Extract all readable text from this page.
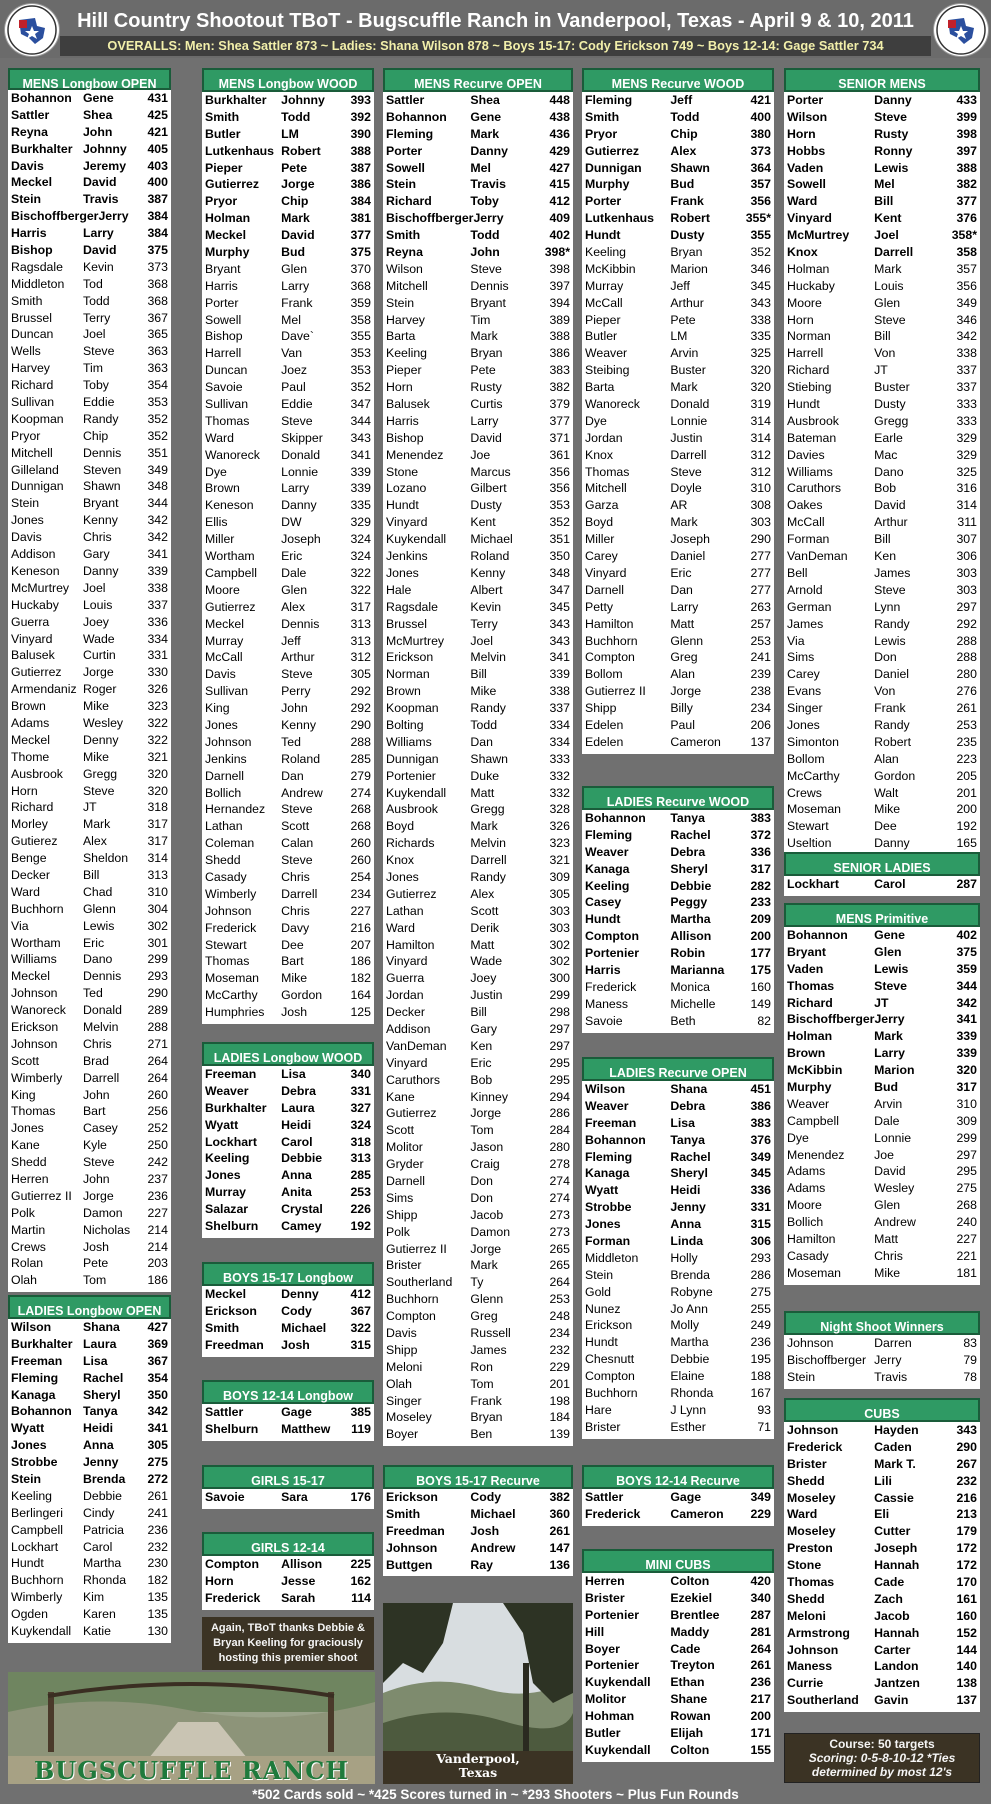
Hill Country Shootout TBoT - Bugscuffle Ranch in Vanderpool, Texas - April 9 & 10, 2011
OVERALLS: Men: Shea Sattler 873 ~ Ladies: Shana Wilson 878 ~ Boys 15-17: Cody Erickson 749 ~ Boys 12-14: Gage Sattler 734
MENS Longbow OPEN
Bohannon Gene	431
Sattler	Shea	425
Reyna	John	421
Burkhalter Johnny	405
Davis	Jeremy	403
Meckel	David	400
Stein	Travis	387
Bischoffberger Jerry	384
Harris	Larry	384
Bishop	David	375
Ragsdale	Kevin	373
Middleton	Tod	368
Smith	Todd	368
Brussel	Terry	367
Duncan	Joel	365
Wells	Steve	363
Harvey	Tim	363
Richard	Toby	354
Sullivan	Eddie	353
Koopman	Randy	352
Pryor	Chip	352
Mitchell	Dennis	351
Gilleland	Steven	349
Dunnigan	Shawn	348
Stein	Bryant	344
Jones	Kenny	342
Davis	Chris	342
Addison	Gary	341
Keneson	Danny	339
McMurtrey	Joel	338
Huckaby	Louis	337
Guerra	Joey	336
Vinyard	Wade	334
Balusek	Curtin	331
Gutierrez	Jorge	330
Armendaniz Roger	326
Brown	Mike	323
Adams	Wesley	322
Meckel	Denny	322
Thome	Mike	321
Ausbrook	Gregg	320
Horn	Steve	320
Richard	JT	318
Morley	Mark	317
Gutierez	Alex	317
Benge	Sheldon	314
Decker	Bill	313
Ward	Chad	310
Buchhorn	Glenn	304
Via	Lewis	302
Wortham	Eric	301
Williams	Dano	299
Meckel	Dennis	293
Johnson	Ted	290
Wanoreck	Donald	289
Erickson	Melvin	288
Johnson	Chris	271
Scott	Brad	264
Wimberly	Darrell	264
King	John	260
Thomas	Bart	256
Jones	Casey	252
Kane	Kyle	250
Shedd	Steve	242
Herren	John	237
Gutierrez II Jorge	236
Polk	Damon	227
Martin	Nicholas	214
Crews	Josh	214
Rolan	Pete	203
Olah	Tom	186
LADIES Longbow OPEN
Wilson	Shana	427
Burkhalter Laura	369
Freeman	Lisa	367
Fleming	Rachel	354
Kanaga	Sheryl	350
Bohannon Tanya	342
Wyatt	Heidi	341
Jones	Anna	305
Strobbe	Jenny	275
Stein	Brenda	272
Keeling	Debbie	261
Berlingeri	Cindy	241
Campbell	Patricia	236
Lockhart	Carol	232
Hundt	Martha	230
Buchhorn	Rhonda	182
Wimberly	Kim	135
Ogden	Karen	135
Kuykendall Katie	130
MENS Longbow WOOD
Burkhalter	Johnny	393
Smith	Todd	392
Butler	LM	390
Lutkenhaus Robert	388
Pieper	Pete	387
Gutierrez	Jorge	386
Pryor	Chip	384
Holman	Mark	381
Meckel	David	377
Murphy	Bud	375
Bryant	Glen	370
Harris	Larry	368
Porter	Frank	359
Sowell	Mel	358
Bishop	Dave`	355
Harrell	Van	353
Duncan	Joez	353
Savoie	Paul	352
Sullivan	Eddie	347
Thomas	Steve	344
Ward	Skipper	343
Wanoreck	Donald	341
Dye	Lonnie	339
Brown	Larry	339
Keneson	Danny	335
Ellis	DW	329
Miller	Joseph	324
Wortham	Eric	324
Campbell	Dale	322
Moore	Glen	322
Gutierrez	Alex	317
Meckel	Dennis	313
Murray	Jeff	313
McCall	Arthur	312
Davis	Steve	305
Sullivan	Perry	292
King	John	292
Jones	Kenny	290
Johnson	Ted	288
Jenkins	Roland	285
Darnell	Dan	279
Bollich	Andrew	274
Hernandez	Steve	268
Lathan	Scott	268
Coleman	Calan	260
Shedd	Steve	260
Casady	Chris	254
Wimberly	Darrell	234
Johnson	Chris	227
Frederick	Davy	216
Stewart	Dee	207
Thomas	Bart	186
Moseman	Mike	182
McCarthy	Gordon	164
Humphries	Josh	125
LADIES Longbow WOOD
Freeman	Lisa	340
Weaver	Debra	331
Burkhalter	Laura	327
Wyatt	Heidi	324
Lockhart	Carol	318
Keeling	Debbie	313
Jones	Anna	285
Murray	Anita	253
Salazar	Crystal	226
Shelburn	Camey	192
BOYS 15-17 Longbow
Meckel	Denny	412
Erickson	Cody	367
Smith	Michael	322
Freedman	Josh	315
BOYS 12-14 Longbow
Sattler	Gage	385
Shelburn	Matthew	119
GIRLS 15-17
Savoie	Sara	176
GIRLS 12-14
Compton	Allison	225
Horn	Jesse	162
Frederick	Sarah	114
MENS Recurve OPEN
Sattler	Shea	448
Bohannon	Gene	438
Fleming	Mark	436
Porter	Danny	429
Sowell	Mel	427
Stein	Travis	415
Richard	Toby	412
Bischoffberger Jerry	409
Smith	Todd	402
Reyna	John	398*
Wilson	Steve	398
Mitchell	Dennis	397
Stein	Bryant	394
Harvey	Tim	389
Barta	Mark	388
Keeling	Bryan	386
Pieper	Pete	383
Horn	Rusty	382
Balusek	Curtis	379
Harris	Larry	377
Bishop	David	371
Menendez	Joe	361
Stone	Marcus	356
Lozano	Gilbert	356
Hundt	Dusty	353
Vinyard	Kent	352
Kuykendall	Michael	351
Jenkins	Roland	350
Jones	Kenny	348
Hale	Albert	347
Ragsdale	Kevin	345
Brussel	Terry	343
McMurtrey	Joel	343
Erickson	Melvin	341
Norman	Bill	339
Brown	Mike	338
Koopman	Randy	337
Bolting	Todd	334
Williams	Dan	334
Dunnigan	Shawn	333
Portenier	Duke	332
Kuykendall	Matt	332
Ausbrook	Gregg	328
Boyd	Mark	326
Richards	Melvin	323
Knox	Darrell	321
Jones	Randy	309
Gutierrez	Alex	305
Lathan	Scott	303
Ward	Derik	303
Hamilton	Matt	302
Vinyard	Wade	302
Guerra	Joey	300
Jordan	Justin	299
Decker	Bill	298
Addison	Gary	297
VanDeman	Ken	297
Vinyard	Eric	295
Caruthors	Bob	295
Kane	Kinney	294
Gutierrez	Jorge	286
Scott	Tom	284
Molitor	Jason	280
Gryder	Craig	278
Darnell	Don	274
Sims	Don	274
Shipp	Jacob	273
Polk	Damon	273
Gutierrez II	Jorge	265
Brister	Mark	265
Southerland	Ty	264
Buchhorn	Glenn	253
Compton	Greg	248
Davis	Russell	234
Shipp	James	232
Meloni	Ron	229
Olah	Tom	201
Singer	Frank	198
Moseley	Bryan	184
Boyer	Ben	139
BOYS 15-17 Recurve
Erickson	Cody	382
Smith	Michael	360
Freedman	Josh	261
Johnson	Andrew	147
Buttgen	Ray	136
MENS Recurve WOOD
Fleming	Jeff	421
Smith	Todd	400
Pryor	Chip	380
Gutierrez	Alex	373
Dunnigan	Shawn	364
Murphy	Bud	357
Porter	Frank	356
Lutkenhaus	Robert	355*
Hundt	Dusty	355
Keeling	Bryan	352
McKibbin	Marion	346
Murray	Jeff	345
McCall	Arthur	343
Pieper	Pete	338
Butler	LM	335
Weaver	Arvin	325
Steibing	Buster	320
Barta	Mark	320
Wanoreck	Donald	319
Dye	Lonnie	314
Jordan	Justin	314
Knox	Darrell	312
Thomas	Steve	312
Mitchell	Doyle	310
Garza	AR	308
Boyd	Mark	303
Miller	Joseph	290
Carey	Daniel	277
Vinyard	Eric	277
Darnell	Dan	277
Petty	Larry	263
Hamilton	Matt	257
Buchhorn	Glenn	253
Compton	Greg	241
Bollom	Alan	239
Gutierrez II	Jorge	238
Shipp	Billy	234
Edelen	Paul	206
Edelen	Cameron	137
LADIES Recurve WOOD
Bohannon	Tanya	383
Fleming	Rachel	372
Weaver	Debra	336
Kanaga	Sheryl	317
Keeling	Debbie	282
Casey	Peggy	233
Hundt	Martha	209
Compton	Allison	200
Portenier	Robin	177
Harris	Marianna	175
Frederick	Monica	160
Maness	Michelle	149
Savoie	Beth	82
LADIES Recurve OPEN
Wilson	Shana	451
Weaver	Debra	386
Freeman	Lisa	383
Bohannon	Tanya	376
Fleming	Rachel	349
Kanaga	Sheryl	345
Wyatt	Heidi	336
Strobbe	Jenny	331
Jones	Anna	315
Forman	Linda	306
Middleton	Holly	293
Stein	Brenda	286
Gold	Robyne	275
Nunez	Jo Ann	255
Erickson	Molly	249
Hundt	Martha	236
Chesnutt	Debbie	195
Compton	Elaine	188
Buchhorn	Rhonda	167
Hare	J Lynn	93
Brister	Esther	71
BOYS 12-14 Recurve
Sattler	Gage	349
Frederick	Cameron	229
MINI CUBS
Herren	Colton	420
Brister	Ezekiel	340
Portenier	Brentlee	287
Hill	Maddy	281
Boyer	Cade	264
Portenier	Treyton	261
Kuykendall	Ethan	236
Molitor	Shane	217
Hohman	Rowan	200
Butler	Elijah	171
Kuykendall	Colton	155
SENIOR MENS
Porter	Danny	433
Wilson	Steve	399
Horn	Rusty	398
Hobbs	Ronny	397
Vaden	Lewis	388
Sowell	Mel	382
Ward	Bill	377
Vinyard	Kent	376
McMurtrey	Joel	358*
Knox	Darrell	358
Holman	Mark	357
Huckaby	Louis	356
Moore	Glen	349
Horn	Steve	346
Norman	Bill	342
Harrell	Von	338
Richard	JT	337
Stiebing	Buster	337
Hundt	Dusty	333
Ausbrook	Gregg	333
Bateman	Earle	329
Davies	Mac	329
Williams	Dano	325
Caruthors	Bob	316
Oakes	David	314
McCall	Arthur	311
Forman	Bill	307
VanDeman	Ken	306
Bell	James	303
Arnold	Steve	303
German	Lynn	297
James	Randy	292
Via	Lewis	288
Sims	Don	288
Carey	Daniel	280
Evans	Von	276
Singer	Frank	261
Jones	Randy	253
Simonton	Robert	235
Bollom	Alan	223
McCarthy	Gordon	205
Crews	Walt	201
Moseman	Mike	200
Stewart	Dee	192
Useltion	Danny	165
SENIOR LADIES
Lockhart	Carol	287
MENS Primitive
Bohannon	Gene	402
Bryant	Glen	375
Vaden	Lewis	359
Thomas	Steve	344
Richard	JT	342
Bischoffberger Jerry	341
Holman	Mark	339
Brown	Larry	339
McKibbin	Marion	320
Murphy	Bud	317
Weaver	Arvin	310
Campbell	Dale	309
Dye	Lonnie	299
Menendez	Joe	297
Adams	David	295
Adams	Wesley	275
Moore	Glen	268
Bollich	Andrew	240
Hamilton	Matt	227
Casady	Chris	221
Moseman	Mike	181
Night Shoot Winners
Johnson	Darren	83
Bischoffberger Jerry	79
Stein	Travis	78
CUBS
Johnson	Hayden	343
Frederick	Caden	290
Brister	Mark T.	267
Shedd	Lili	232
Moseley	Cassie	216
Ward	Eli	213
Moseley	Cutter	179
Preston	Joseph	172
Stone	Hannah	172
Thomas	Cade	170
Shedd	Zach	161
Meloni	Jacob	160
Armstrong	Hannah	152
Johnson	Carter	144
Maness	Landon	140
Currie	Jantzen	138
Southerland	Gavin	137
Again, TBoT thanks Debbie &
Bryan Keeling for graciously
hosting this premier shoot
BUGSCUFFLE RANCH	Vanderpool,
Texas
Course: 50 targets
Scoring: 0-5-8-10-12 *Ties
determined by most 12's
*502 Cards sold ~ *425 Scores turned in ~ *293 Shooters ~ Plus Fun Rounds
